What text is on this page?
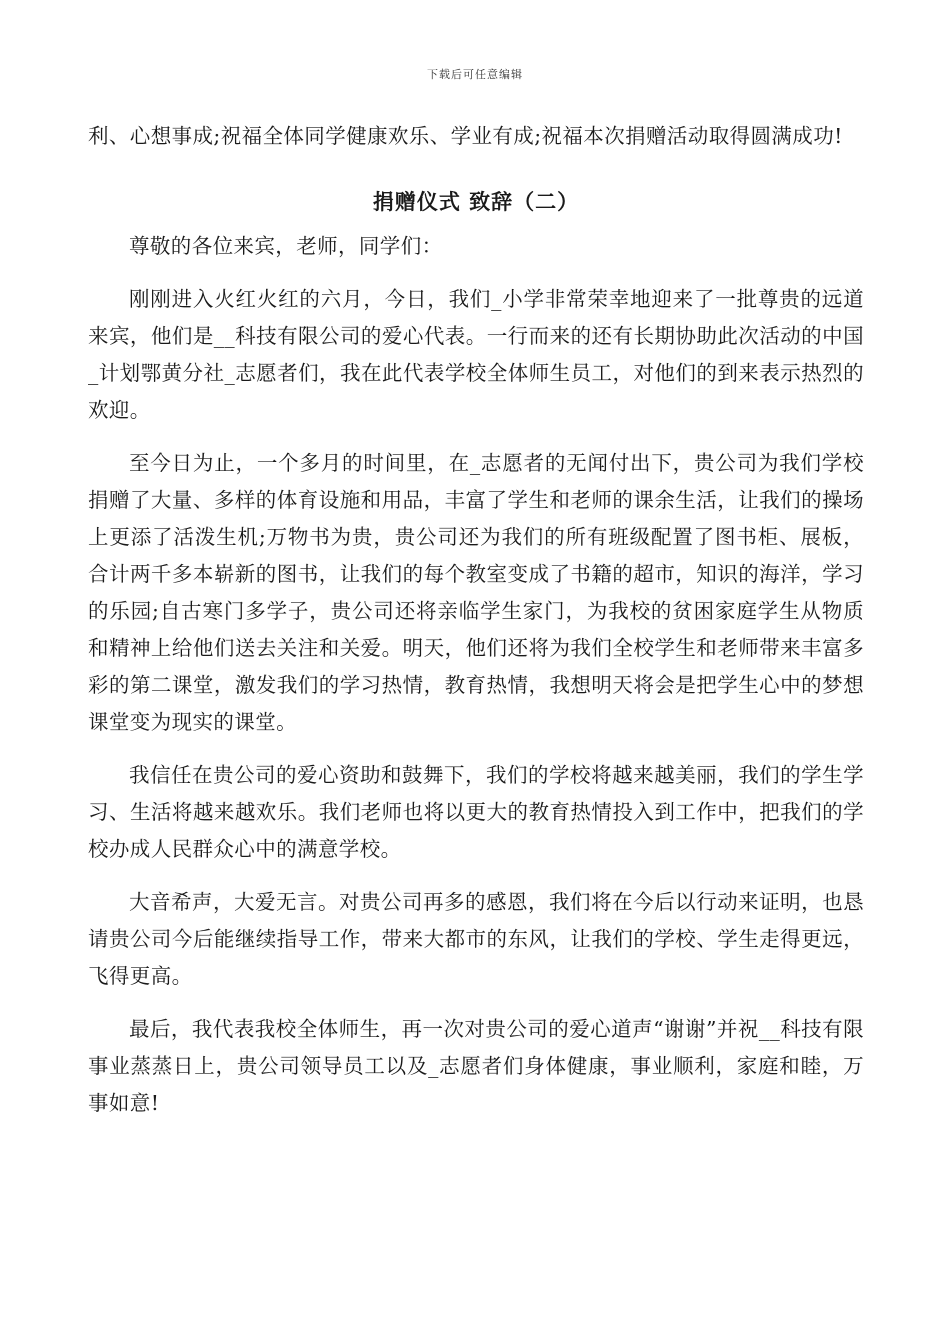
下载后可任意编辑

利、心想事成;祝福全体同学健康欢乐、学业有成;祝福本次捐赠活动取得圆满成功!

捐赠仪式 致辞（二）

尊敬的各位来宾，老师，同学们：

刚刚进入火红火红的六月，今日，我们_小学非常荣幸地迎来了一批尊贵的远道来宾，他们是__科技有限公司的爱心代表。一行而来的还有长期协助此次活动的中国_计划鄂黄分社_志愿者们，我在此代表学校全体师生员工，对他们的到来表示热烈的欢迎。

至今日为止，一个多月的时间里，在_志愿者的无闻付出下，贵公司为我们学校捐赠了大量、多样的体育设施和用品，丰富了学生和老师的课余生活，让我们的操场上更添了活泼生机;万物书为贵，贵公司还为我们的所有班级配置了图书柜、展板，合计两千多本崭新的图书，让我们的每个教室变成了书籍的超市，知识的海洋，学习的乐园;自古寒门多学子，贵公司还将亲临学生家门，为我校的贫困家庭学生从物质和精神上给他们送去关注和关爱。明天，他们还将为我们全校学生和老师带来丰富多彩的第二课堂，激发我们的学习热情，教育热情，我想明天将会是把学生心中的梦想课堂变为现实的课堂。

我信任在贵公司的爱心资助和鼓舞下，我们的学校将越来越美丽，我们的学生学习、生活将越来越欢乐。我们老师也将以更大的教育热情投入到工作中，把我们的学校办成人民群众心中的满意学校。

大音希声，大爱无言。对贵公司再多的感恩，我们将在今后以行动来证明，也恳请贵公司今后能继续指导工作，带来大都市的东风，让我们的学校、学生走得更远，飞得更高。

最后，我代表我校全体师生，再一次对贵公司的爱心道声“谢谢”并祝__科技有限事业蒸蒸日上，贵公司领导员工以及_志愿者们身体健康，事业顺利，家庭和睦，万事如意!
